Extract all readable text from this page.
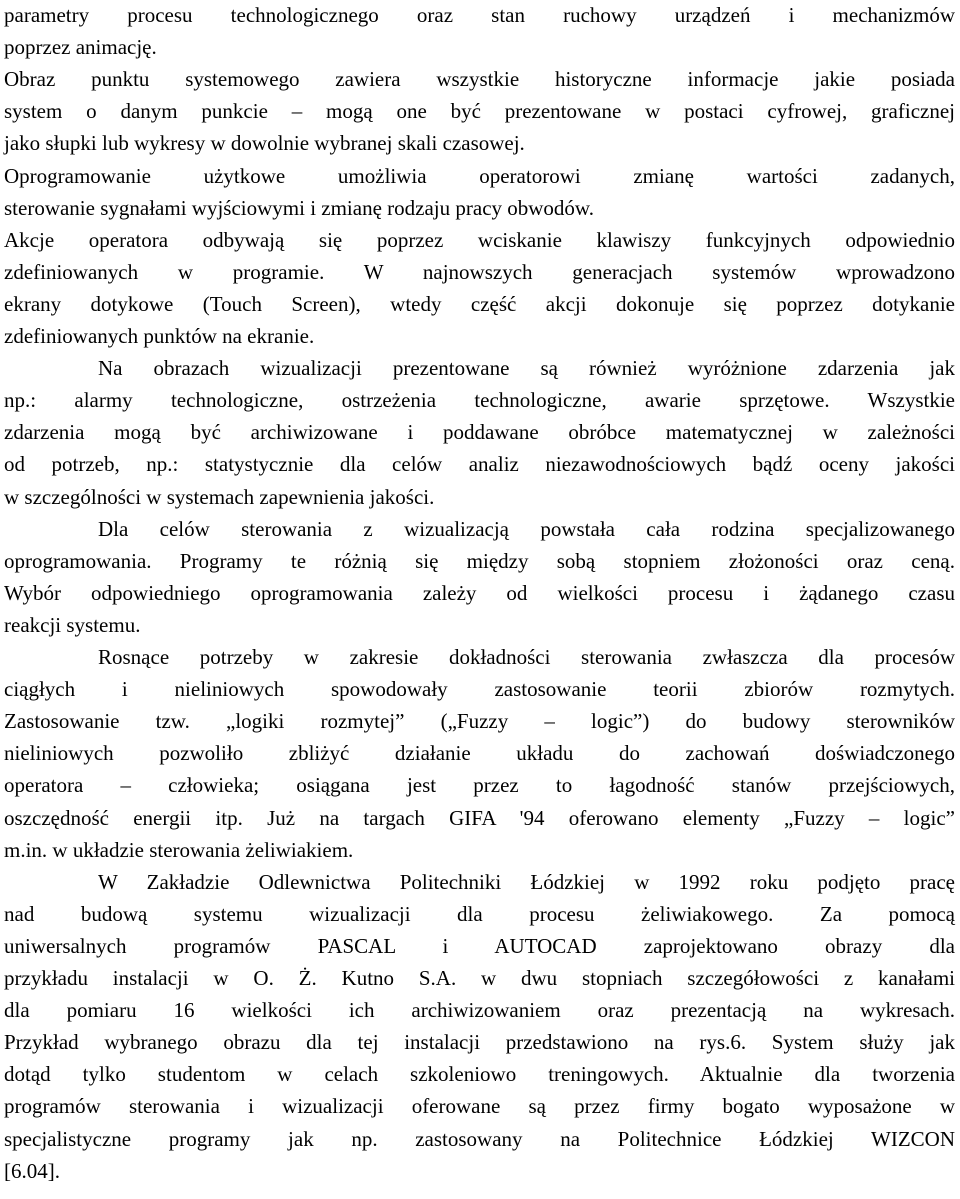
parametry procesu technologicznego oraz stan ruchowy urządzeń i mechanizmów
poprzez animację.
Obraz punktu systemowego zawiera wszystkie historyczne informacje jakie posiada
system o danym punkcie – mogą one być prezentowane w postaci cyfrowej, graficznej
jako słupki lub wykresy w dowolnie wybranej skali czasowej.
Oprogramowanie użytkowe umożliwia operatorowi zmianę wartości zadanych,
sterowanie sygnałami wyjściowymi i zmianę rodzaju pracy obwodów.
Akcje operatora odbywają się poprzez wciskanie klawiszy funkcyjnych odpowiednio
zdefiniowanych w programie. W najnowszych generacjach systemów wprowadzono
ekrany dotykowe (Touch Screen), wtedy część akcji dokonuje się poprzez dotykanie
zdefiniowanych punktów na ekranie.
Na obrazach wizualizacji prezentowane są również wyróżnione zdarzenia jak
np.: alarmy technologiczne, ostrzeżenia technologiczne, awarie sprzętowe. Wszystkie
zdarzenia mogą być archiwizowane i poddawane obróbce matematycznej w zależności
od potrzeb, np.: statystycznie dla celów analiz niezawodnościowych bądź oceny jakości
w szczególności w systemach zapewnienia jakości.
Dla celów sterowania z wizualizacją powstała cała rodzina specjalizowanego
oprogramowania. Programy te różnią się między sobą stopniem złożoności oraz ceną.
Wybór odpowiedniego oprogramowania zależy od wielkości procesu i żądanego czasu
reakcji systemu.
Rosnące potrzeby w zakresie dokładności sterowania zwłaszcza dla procesów
ciągłych i nieliniowych spowodowały zastosowanie teorii zbiorów rozmytych.
Zastosowanie tzw. „logiki rozmytej” („Fuzzy – logic”) do budowy sterowników
nieliniowych pozwoliło zbliżyć działanie układu do zachowań doświadczonego
operatora – człowieka; osiągana jest przez to łagodność stanów przejściowych,
oszczędność energii itp. Już na targach GIFA '94 oferowano elementy „Fuzzy – logic”
m.in. w układzie sterowania żeliwiakiem.
W Zakładzie Odlewnictwa Politechniki Łódzkiej w 1992 roku podjęto pracę
nad budową systemu wizualizacji dla procesu żeliwiakowego. Za pomocą
uniwersalnych programów PASCAL i AUTOCAD zaprojektowano obrazy dla
przykładu instalacji w O. Ż. Kutno S.A. w dwu stopniach szczegółowości z kanałami
dla pomiaru 16 wielkości ich archiwizowaniem oraz prezentacją na wykresach.
Przykład wybranego obrazu dla tej instalacji przedstawiono na rys.6. System służy jak
dotąd tylko studentom w celach szkoleniowo treningowych. Aktualnie dla tworzenia
programów sterowania i wizualizacji oferowane są przez firmy bogato wyposażone w
specjalistyczne programy jak np. zastosowany na Politechnice Łódzkiej WIZCON
[6.04].
